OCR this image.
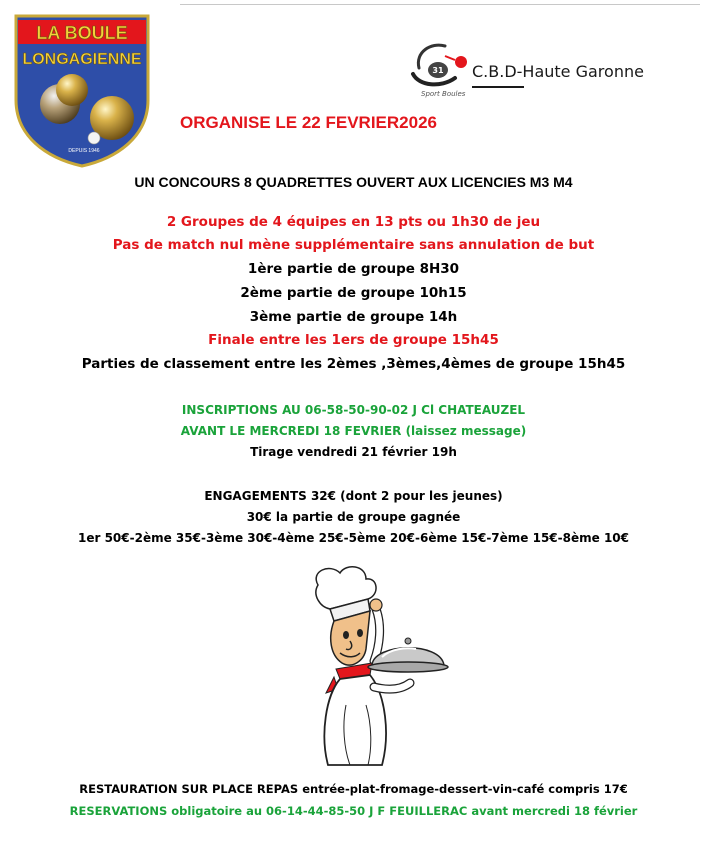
LA BOULE
LONGAGIENNE
DEPUIS 1946
31 C.B.D-Haute Garonne
Sport Boules
ORGANISE LE 22 FEVRIER2026
UN CONCOURS 8 QUADRETTES OUVERT AUX LICENCIES M3 M4
2 Groupes de 4 équipes en 13 pts ou 1h30 de jeu
Pas de match nul mène supplémentaire sans annulation de but
1ère partie de groupe 8H30
2ème partie de groupe 10h15
3ème partie de groupe 14h
Finale entre les 1ers de groupe 15h45
Parties de classement entre les 2èmes ,3èmes,4èmes de groupe 15h45
INSCRIPTIONS AU 06-58-50-90-02 J Cl CHATEAUZEL
AVANT LE MERCREDI 18 FEVRIER (laissez message)
Tirage vendredi 21 février 19h
ENGAGEMENTS 32€ (dont 2 pour les jeunes)
30€ la partie de groupe gagnée
1er 50€-2ème 35€-3ème 30€-4ème 25€-5ème 20€-6ème 15€-7ème 15€-8ème 10€
RESTAURATION SUR PLACE REPAS entrée-plat-fromage-dessert-vin-café compris 17€
RESERVATIONS obligatoire au 06-14-44-85-50 J F FEUILLERAC avant mercredi 18 février
